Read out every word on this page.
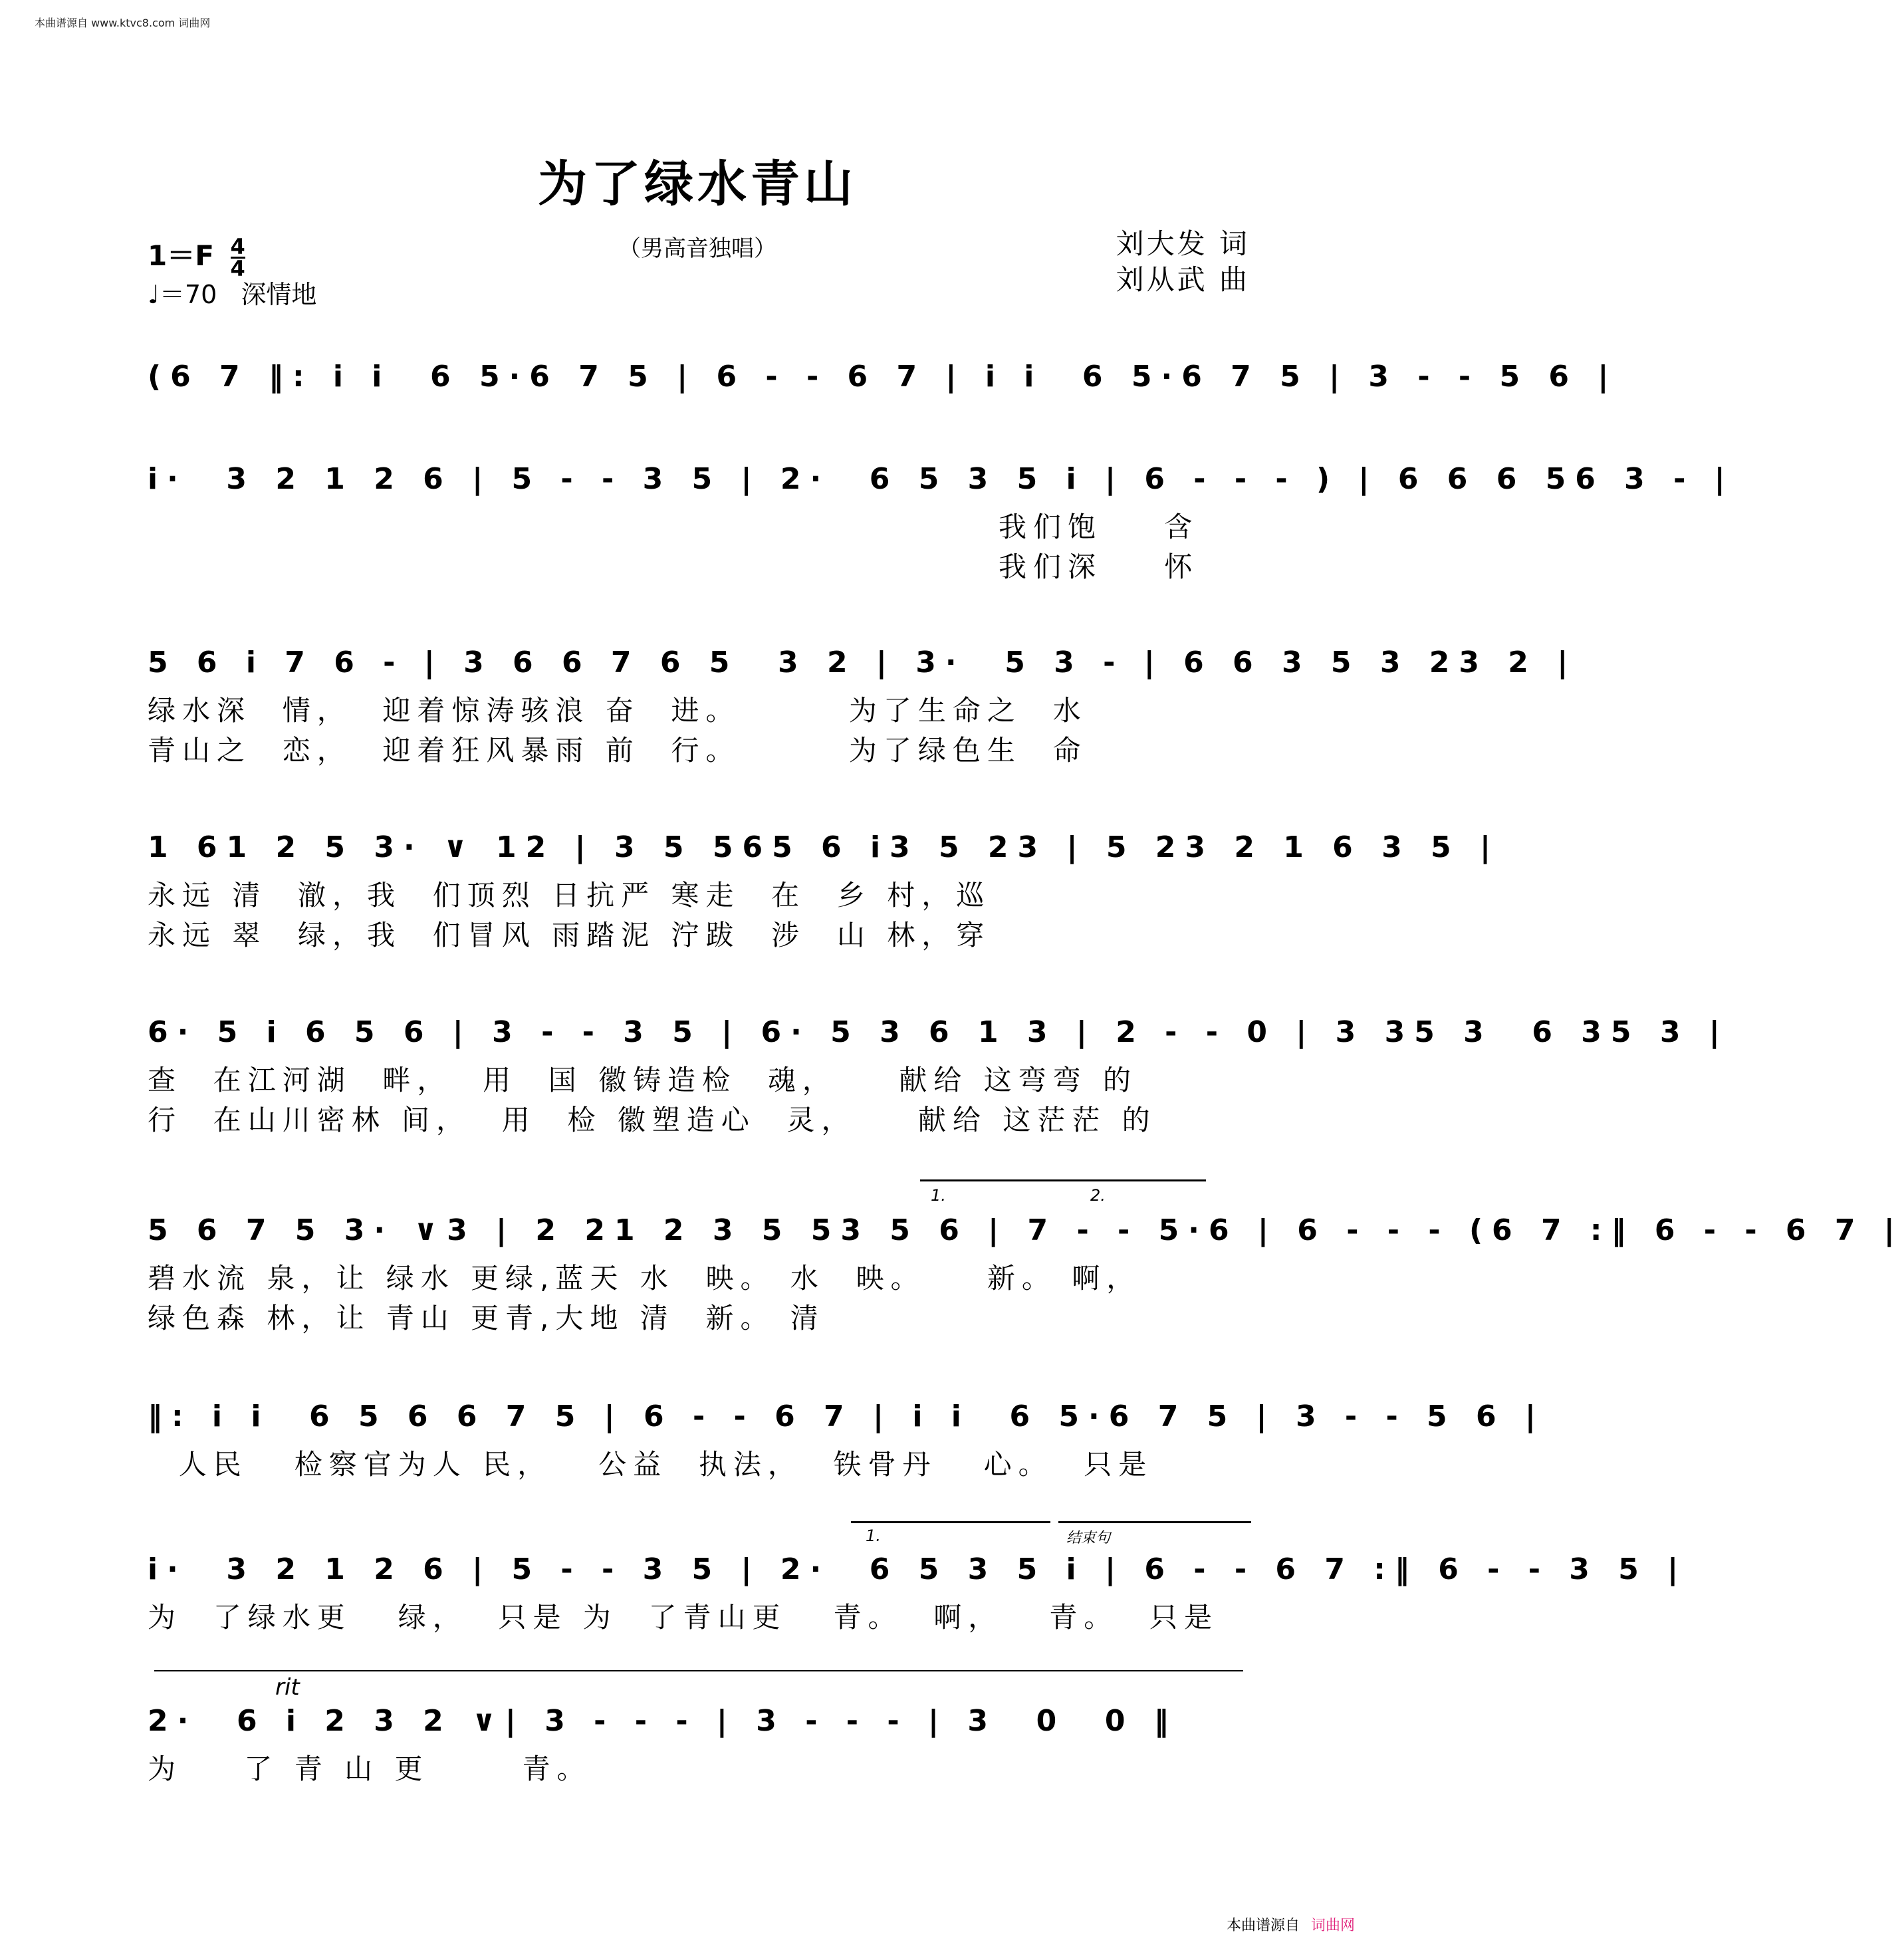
本曲谱源自 www.ktvc8.com 词曲网
为了绿水青山
（男高音独唱）
$1=F \frac{4}{4}$
♩＝70 深情地
刘大发 词
刘从武 曲
(6 7 ‖: i i  6 5·6 7 5 | 6 - - 6 7 | i i  6 5·6 7 5 | 3 - - 5 6 |
i·  3 2 1 2 6 | 5 - - 3 5 | 2·  6 5 3 5 i | 6 - - - ) | 6 6 6 56 3 - |
我们饱    含
我们深    怀
5 6 i 7 6 - | 3 6 6 7 6 5  3 2 | 3·  5 3 - | 6 6 3 5 3 23 2 |
绿水深  情，  迎着惊涛骇浪 奋  进。       为了生命之  水
青山之  恋，  迎着狂风暴雨 前  行。       为了绿色生  命
1 61 2 5 3· ∨ 12 | 3 5 565 6 i3 5 23 | 5 23 2 1 6 3 5 |
永远 清  澈，我  们顶烈 日抗严 寒走  在  乡 村，巡
永远 翠  绿，我  们冒风 雨踏泥 泞跋  涉  山 林，穿
6· 5 i 6 5 6 | 3 - - 3 5 | 6· 5 3 6 1 3 | 2 - - 0 | 3 35 3  6 35 3 |
查  在江河湖  畔，  用  国 徽铸造检  魂，    献给 这弯弯 的
行  在山川密林 间，  用  检 徽塑造心  灵，    献给 这茫茫 的
1.	2.
5 6 7 5 3· ∨3 | 2 21 2 3 5 53 5 6 | 7 - - 5·6 | 6 - - - (6 7 :‖ 6 - - 6 7 |
碧水流 泉，让 绿水 更绿,蓝天 水  映。 水  映。    新。 啊，
绿色森 林，让 青山 更青,大地 清  新。 清
‖: i i  6 5 6 6 7 5 | 6 - - 6 7 | i i  6 5·6 7 5 | 3 - - 5 6 |
人民   检察官为人 民，   公益  执法，  铁骨丹   心。  只是
1.	结束句
i·  3 2 1 2 6 | 5 - - 3 5 | 2·  6 5 3 5 i | 6 - - 6 7 :‖ 6 - - 3 5 |
为  了绿水更   绿，  只是 为  了青山更   青。  啊，   青。  只是
rit
2·  6 i 2 3 2 ∨| 3 - - - | 3 - - - | 3  0  0 ‖
为    了 青 山 更      青。
本曲谱源自 词曲网
